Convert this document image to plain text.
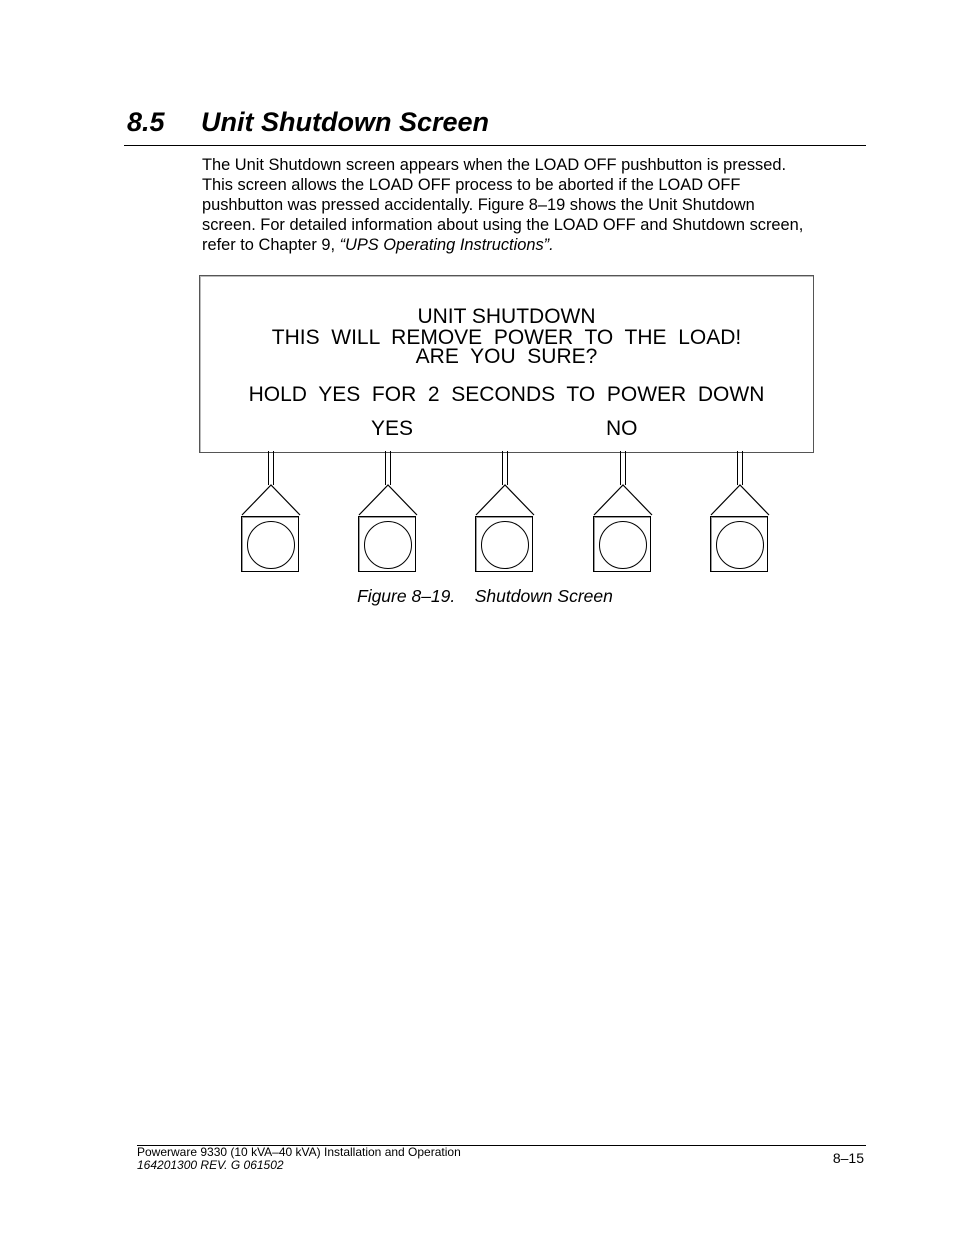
8.5 Unit Shutdown Screen

The Unit Shutdown screen appears when the LOAD OFF pushbutton is pressed.
This screen allows the LOAD OFF process to be aborted if the LOAD OFF
pushbutton was pressed accidentally. Figure 8–19 shows the Unit Shutdown
screen. For detailed information about using the LOAD OFF and Shutdown screen,
refer to Chapter 9, “UPS Operating Instructions”.

UNIT SHUTDOWN
THIS  WILL  REMOVE  POWER  TO  THE  LOAD!
ARE  YOU  SURE?
HOLD  YES  FOR  2  SECONDS  TO  POWER  DOWN
YES	NO

Figure 8–19.    Shutdown Screen

Powerware 9330 (10 kVA–40 kVA) Installation and Operation
164201300 REV. G 061502	8–15
